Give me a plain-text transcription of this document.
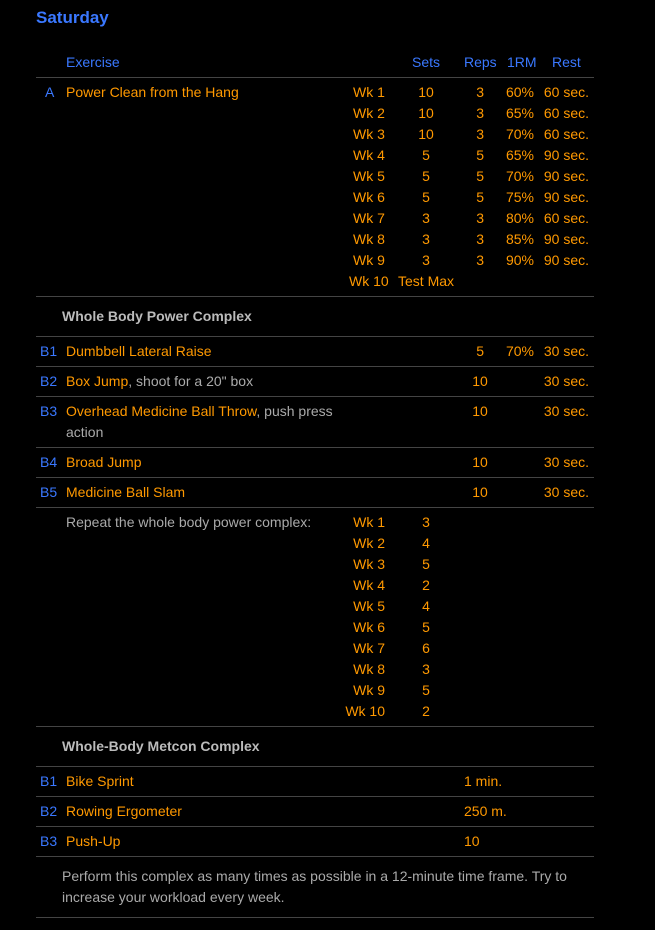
Saturday
Exercise	Sets Reps 1RM Rest
A Power Clean from the Hang	Wk 1	10	3	60% 60 sec.
Wk 2	10	3	65% 60 sec.
Wk 3	10	3	70% 60 sec.
Wk 4	5	5	65% 90 sec.
Wk 5	5	5	70% 90 sec.
Wk 6	5	5	75% 90 sec.
Wk 7	3	3	80% 60 sec.
Wk 8	3	3	85% 90 sec.
Wk 9	3	3	90% 90 sec.
Wk 10 Test Max
Whole Body Power Complex
B1 Dumbbell Lateral Raise	5	70% 30 sec.
B2 Box Jump, shoot for a 20" box	10	30 sec.
B3 Overhead Medicine Ball Throw, push press
action
10	30 sec.
B4 Broad Jump	10	30 sec.
B5 Medicine Ball Slam	10	30 sec.
Repeat the whole body power complex:	Wk 1	3
Wk 2	4
Wk 3	5
Wk 4	2
Wk 5	4
Wk 6	5
Wk 7	6
Wk 8	3
Wk 9	5
Wk 10	2
Whole-Body Metcon Complex
B1 Bike Sprint	1 min.
B2 Rowing Ergometer	250 m.
B3 Push-Up	10
Perform this complex as many times as possible in a 12-minute time frame. Try to
increase your workload every week.
